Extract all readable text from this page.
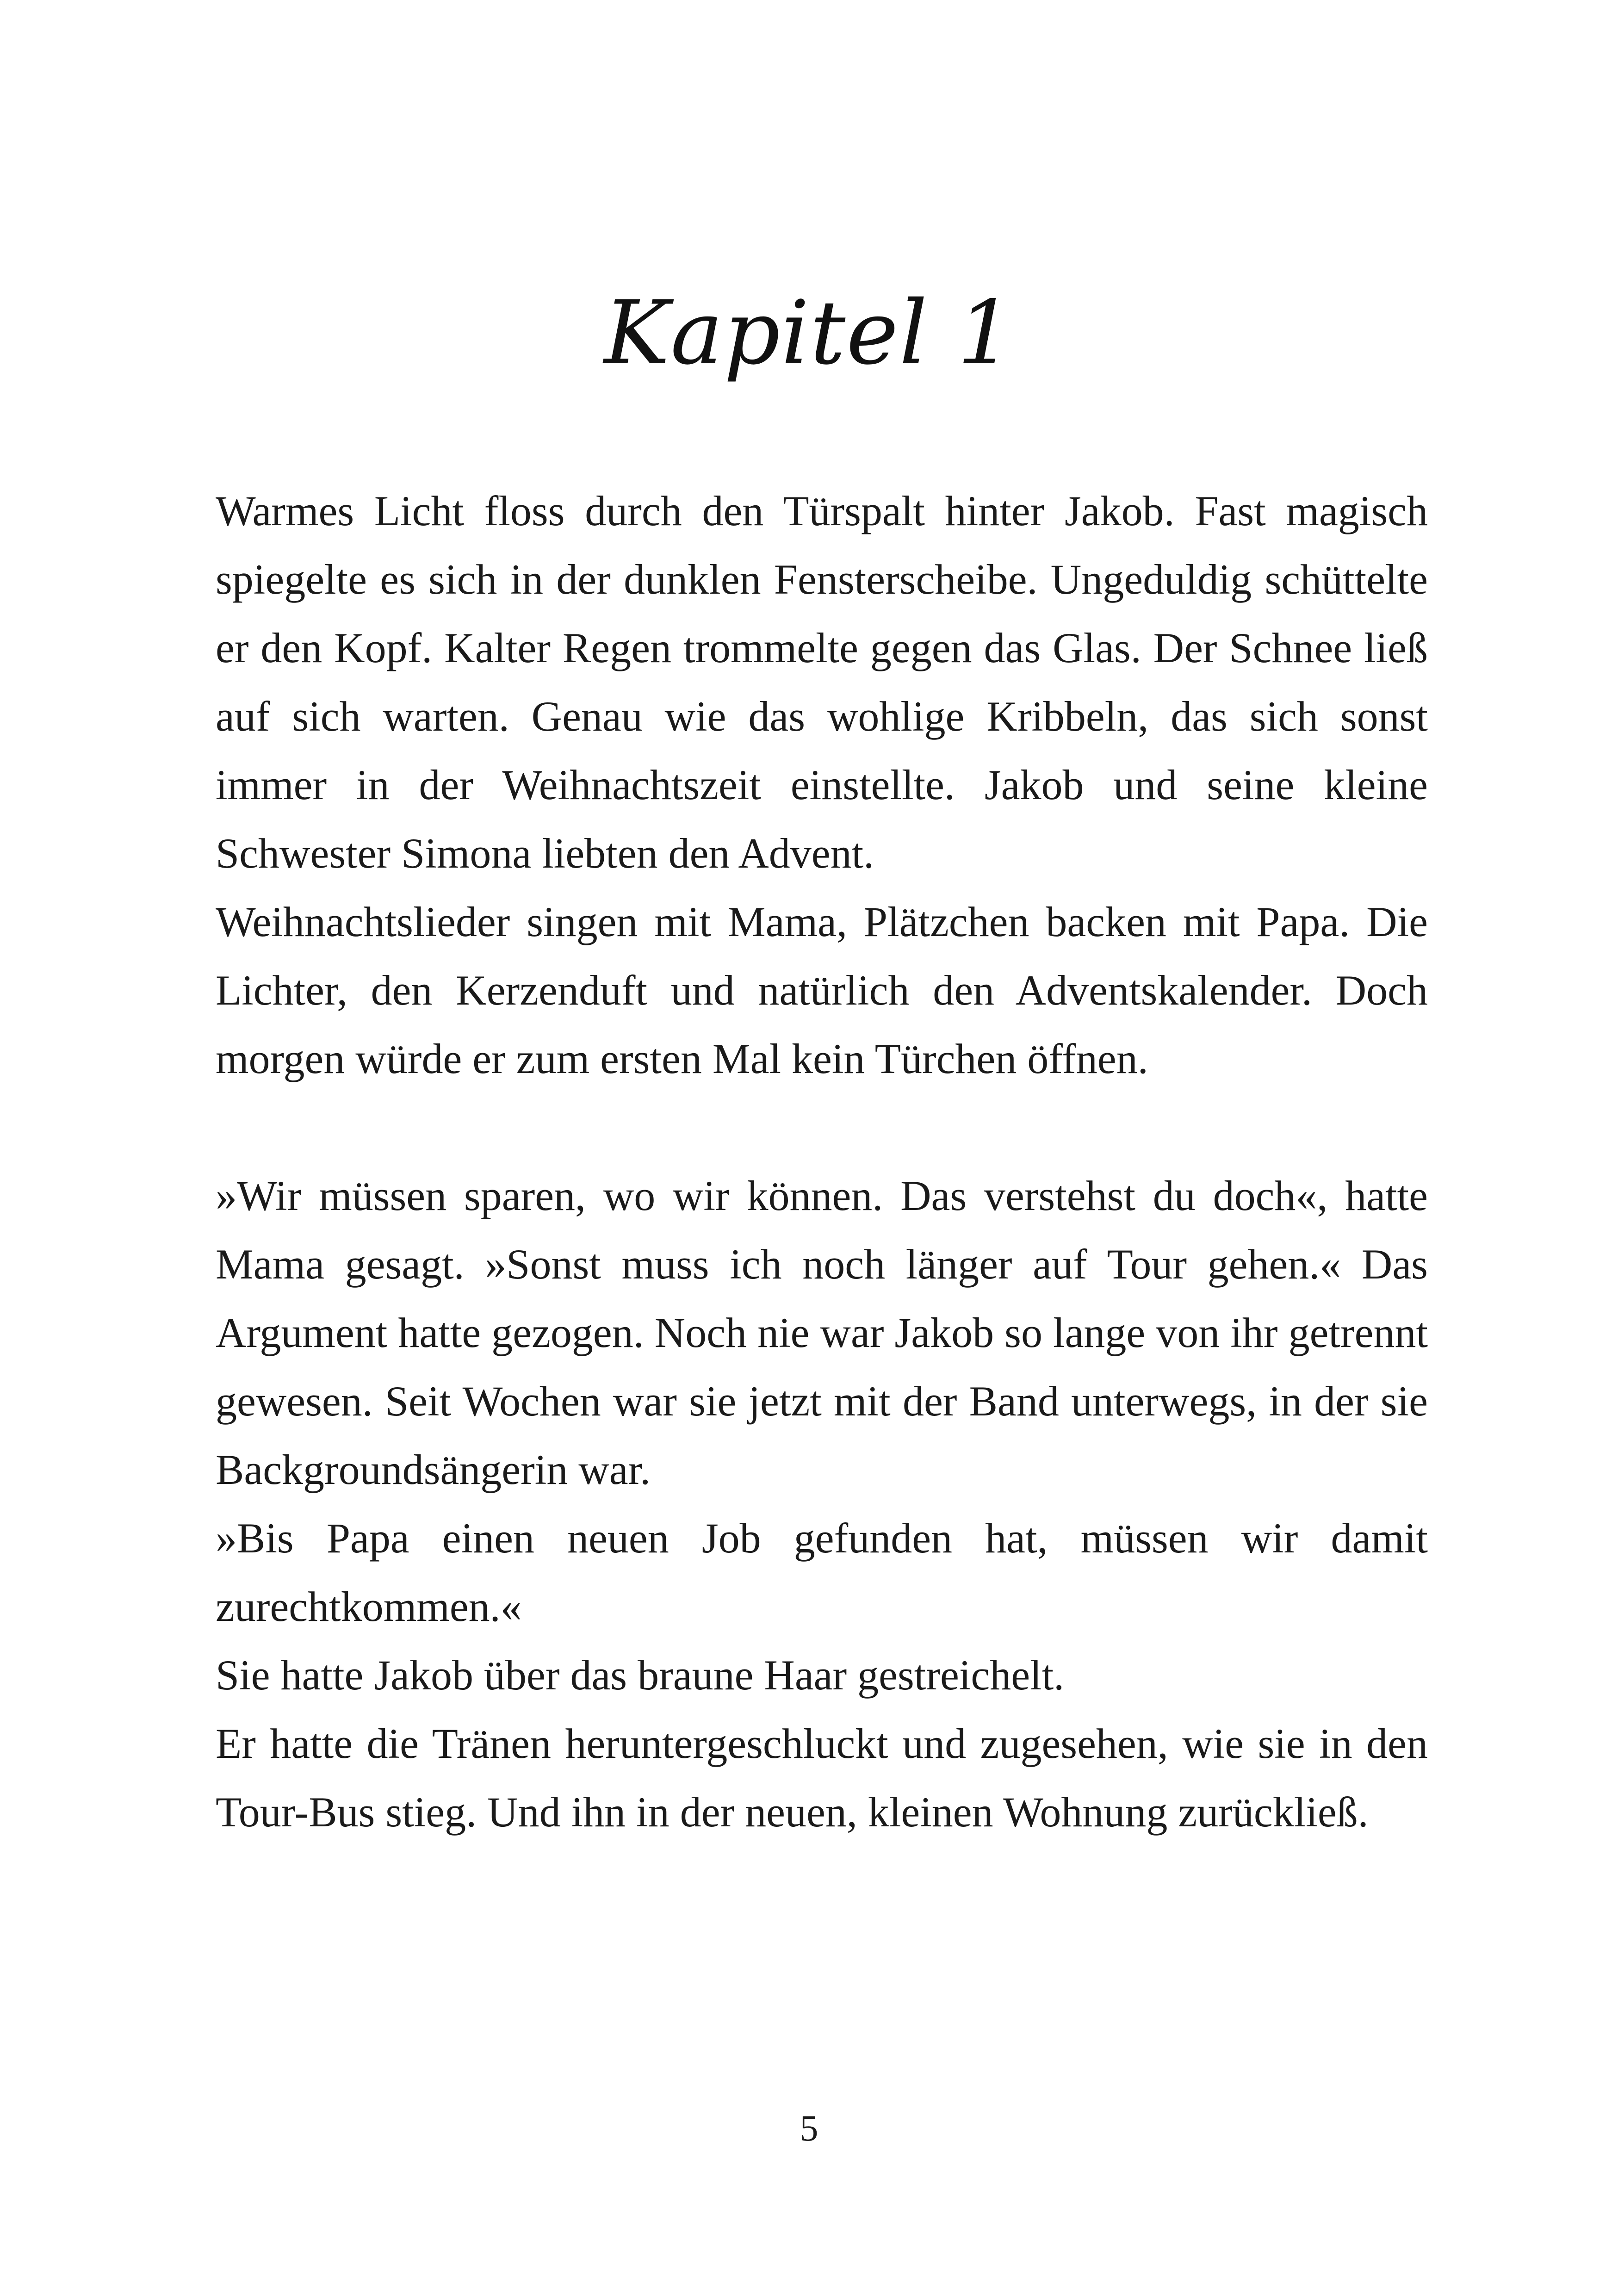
Kapitel 1

Warmes Licht floss durch den Türspalt hinter Jakob. Fast magisch spiegelte es sich in der dunklen Fensterscheibe. Ungeduldig schüttelte er den Kopf. Kalter Regen trommelte gegen das Glas. Der Schnee ließ auf sich warten. Genau wie das wohlige Kribbeln, das sich sonst immer in der Weihnachtszeit einstellte. Jakob und seine kleine Schwester Simona liebten den Advent.

Weihnachtslieder singen mit Mama, Plätzchen backen mit Papa. Die Lichter, den Kerzenduft und natürlich den Adventskalender. Doch morgen würde er zum ersten Mal kein Türchen öffnen.

»Wir müssen sparen, wo wir können. Das verstehst du doch«, hatte Mama gesagt. »Sonst muss ich noch länger auf Tour gehen.« Das Argument hatte gezogen. Noch nie war Jakob so lange von ihr getrennt gewesen. Seit Wochen war sie jetzt mit der Band unterwegs, in der sie Backgroundsängerin war.

»Bis Papa einen neuen Job gefunden hat, müssen wir damit zurechtkommen.«

Sie hatte Jakob über das braune Haar gestreichelt.

Er hatte die Tränen heruntergeschluckt und zugesehen, wie sie in den Tour-Bus stieg. Und ihn in der neuen, kleinen Wohnung zurückließ.

5
